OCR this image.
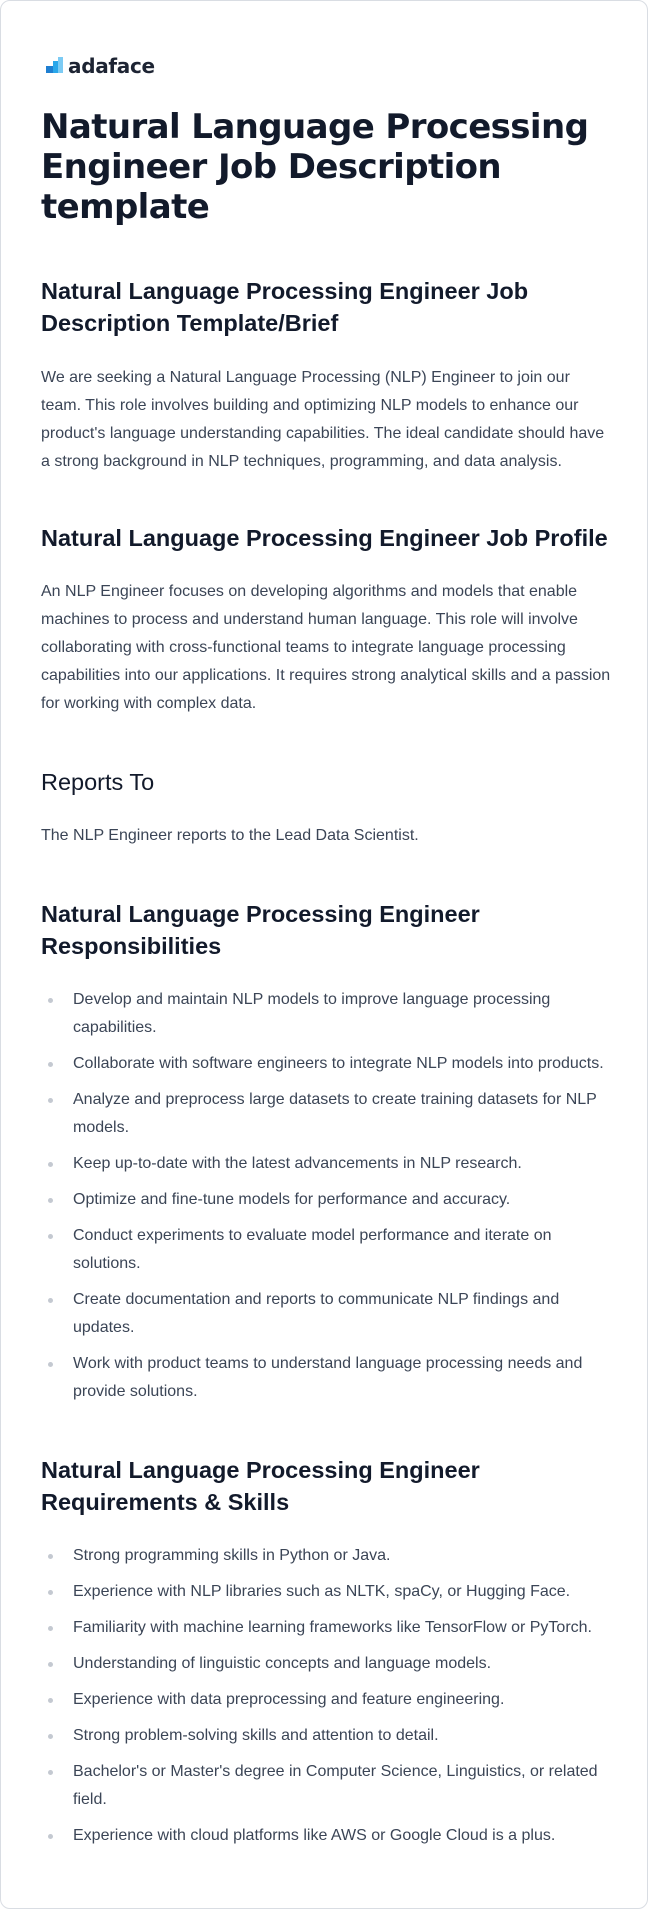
adaface
Natural Language Processing Engineer Job Description template
Natural Language Processing Engineer Job Description Template/Brief

We are seeking a Natural Language Processing (NLP) Engineer to join our team. This role involves building and optimizing NLP models to enhance our product's language understanding capabilities. The ideal candidate should have a strong background in NLP techniques, programming, and data analysis.

Natural Language Processing Engineer Job Profile

An NLP Engineer focuses on developing algorithms and models that enable machines to process and understand human language. This role will involve collaborating with cross-functional teams to integrate language processing capabilities into our applications. It requires strong analytical skills and a passion for working with complex data.

Reports To

The NLP Engineer reports to the Lead Data Scientist.

Natural Language Processing Engineer Responsibilities
Develop and maintain NLP models to improve language processing capabilities.
Collaborate with software engineers to integrate NLP models into products.
Analyze and preprocess large datasets to create training datasets for NLP models.
Keep up-to-date with the latest advancements in NLP research.
Optimize and fine-tune models for performance and accuracy.
Conduct experiments to evaluate model performance and iterate on solutions.
Create documentation and reports to communicate NLP findings and updates.
Work with product teams to understand language processing needs and provide solutions.
Natural Language Processing Engineer Requirements & Skills
Strong programming skills in Python or Java.
Experience with NLP libraries such as NLTK, spaCy, or Hugging Face.
Familiarity with machine learning frameworks like TensorFlow or PyTorch.
Understanding of linguistic concepts and language models.
Experience with data preprocessing and feature engineering.
Strong problem-solving skills and attention to detail.
Bachelor's or Master's degree in Computer Science, Linguistics, or related field.
Experience with cloud platforms like AWS or Google Cloud is a plus.
